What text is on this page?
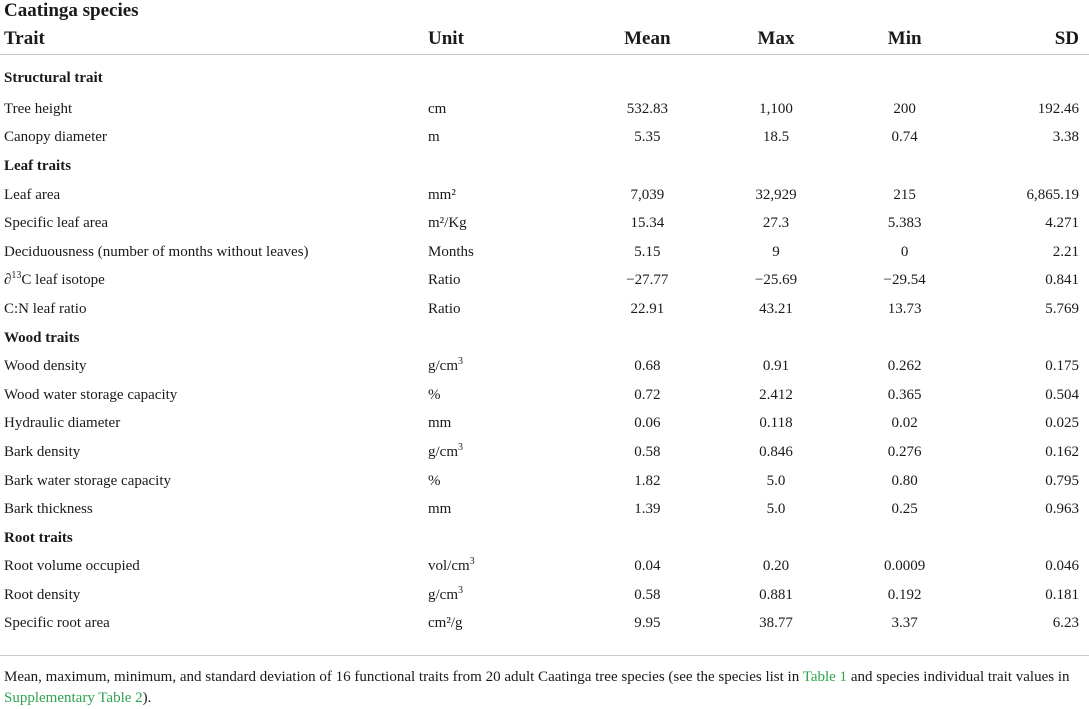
Caatinga species
Trait	Unit	Mean	Max	Min	SD
Structural trait					
Tree height	cm	532.83	1,100	200	192.46
Canopy diameter	m	5.35	18.5	0.74	3.38
Leaf traits					
Leaf area	mm²	7,039	32,929	215	6,865.19
Specific leaf area	m²/Kg	15.34	27.3	5.383	4.271
Deciduousness (number of months without leaves)	Months	5.15	9	0	2.21
∂$^{13}$C leaf isotope	Ratio	−27.77	−25.69	−29.54	0.841
C:N leaf ratio	Ratio	22.91	43.21	13.73	5.769
Wood traits					
Wood density	$g/cm^3$	0.68	0.91	0.262	0.175
Wood water storage capacity	%	0.72	2.412	0.365	0.504
Hydraulic diameter	mm	0.06	0.118	0.02	0.025
Bark density	$g/cm^3$	0.58	0.846	0.276	0.162
Bark water storage capacity	%	1.82	5.0	0.80	0.795
Bark thickness	mm	1.39	5.0	0.25	0.963
Root traits					
Root volume occupied	vol/$cm^3$	0.04	0.20	0.0009	0.046
Root density	$g/cm^3$	0.58	0.881	0.192	0.181
Specific root area	cm²/g	9.95	38.77	3.37	6.23
Mean, maximum, minimum, and standard deviation of 16 functional traits from 20 adult Caatinga tree species (see the species list in Table 1 and species individual trait values in Supplementary Table 2).
